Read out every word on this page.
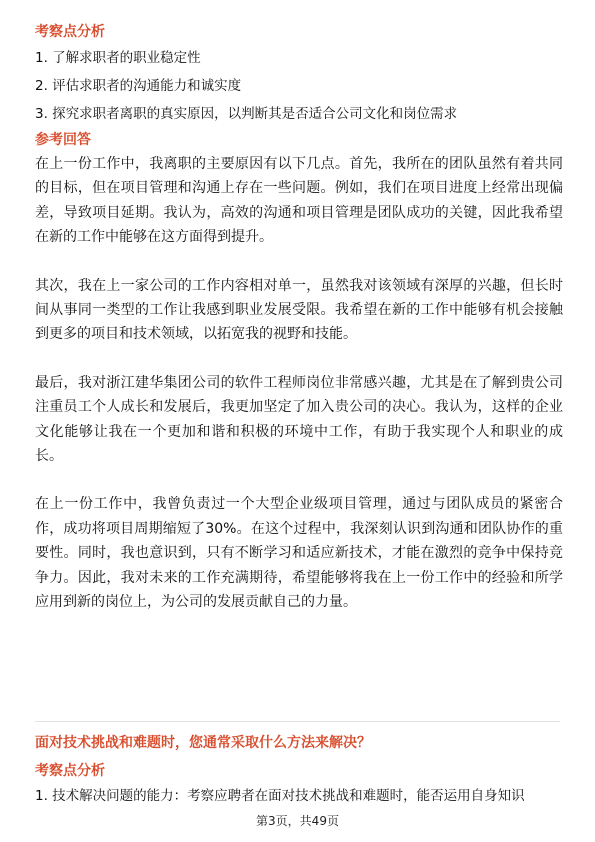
考察点分析

1. 了解求职者的职业稳定性

2. 评估求职者的沟通能力和诚实度

3. 探究求职者离职的真实原因，以判断其是否适合公司文化和岗位需求

参考回答

在上一份工作中，我离职的主要原因有以下几点。首先，我所在的团队虽然有着共同的目标，但在项目管理和沟通上存在一些问题。例如，我们在项目进度上经常出现偏差，导致项目延期。我认为，高效的沟通和项目管理是团队成功的关键，因此我希望在新的工作中能够在这方面得到提升。

其次，我在上一家公司的工作内容相对单一，虽然我对该领域有深厚的兴趣，但长时间从事同一类型的工作让我感到职业发展受限。我希望在新的工作中能够有机会接触到更多的项目和技术领域，以拓宽我的视野和技能。

最后，我对浙江建华集团公司的软件工程师岗位非常感兴趣，尤其是在了解到贵公司注重员工个人成长和发展后，我更加坚定了加入贵公司的决心。我认为，这样的企业文化能够让我在一个更加和谐和积极的环境中工作，有助于我实现个人和职业的成长。

在上一份工作中，我曾负责过一个大型企业级项目管理，通过与团队成员的紧密合作，成功将项目周期缩短了30%。在这个过程中，我深刻认识到沟通和团队协作的重要性。同时，我也意识到，只有不断学习和适应新技术，才能在激烈的竞争中保持竞争力。因此，我对未来的工作充满期待，希望能够将我在上一份工作中的经验和所学应用到新的岗位上，为公司的发展贡献自己的力量。

面对技术挑战和难题时，您通常采取什么方法来解决？

考察点分析

1. 技术解决问题的能力：考察应聘者在面对技术挑战和难题时，能否运用自身知识

第3页，共49页
